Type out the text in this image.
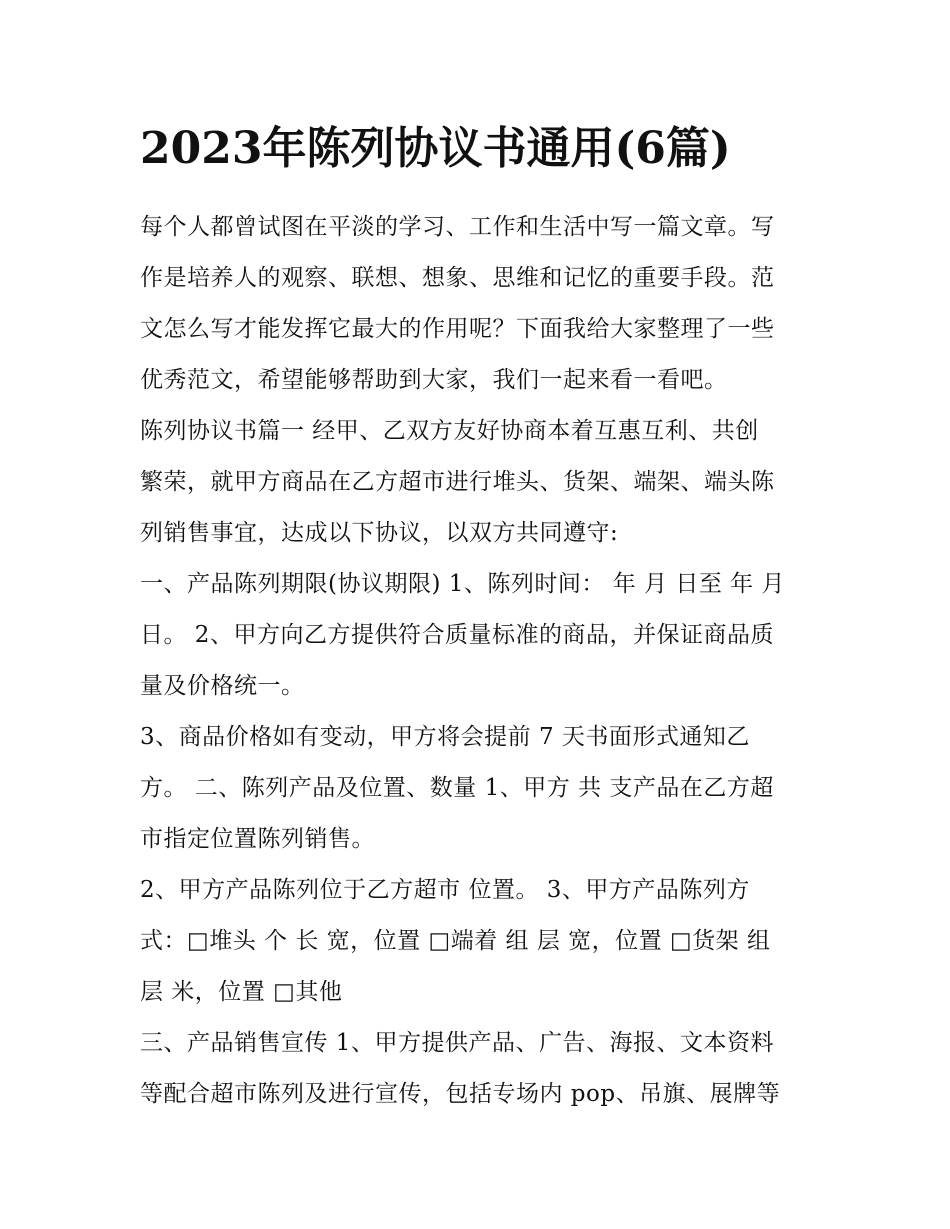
2023年陈列协议书通用(6篇)
每个人都曾试图在平淡的学习、工作和生活中写一篇文章。写
作是培养人的观察、联想、想象、思维和记忆的重要手段。范
文怎么写才能发挥它最大的作用呢？下面我给大家整理了一些
优秀范文，希望能够帮助到大家，我们一起来看一看吧。
陈列协议书篇一 经甲、乙双方友好协商本着互惠互利、共创
繁荣，就甲方商品在乙方超市进行堆头、货架、端架、端头陈
列销售事宜，达成以下协议，以双方共同遵守:
一、产品陈列期限(协议期限) 1、陈列时间： 年 月 日至 年 月
日。 2、甲方向乙方提供符合质量标准的商品，并保证商品质
量及价格统一。
3、商品价格如有变动，甲方将会提前 7 天书面形式通知乙
方。 二、陈列产品及位置、数量 1、甲方 共 支产品在乙方超
市指定位置陈列销售。
2、甲方产品陈列位于乙方超市 位置。 3、甲方产品陈列方
式：□堆头 个 长 宽，位置 □端着 组 层 宽，位置 □货架 组
层 米，位置 □其他
三、产品销售宣传 1、甲方提供产品、广告、海报、文本资料
等配合超市陈列及进行宣传，包括专场内 pop、吊旗、展牌等
